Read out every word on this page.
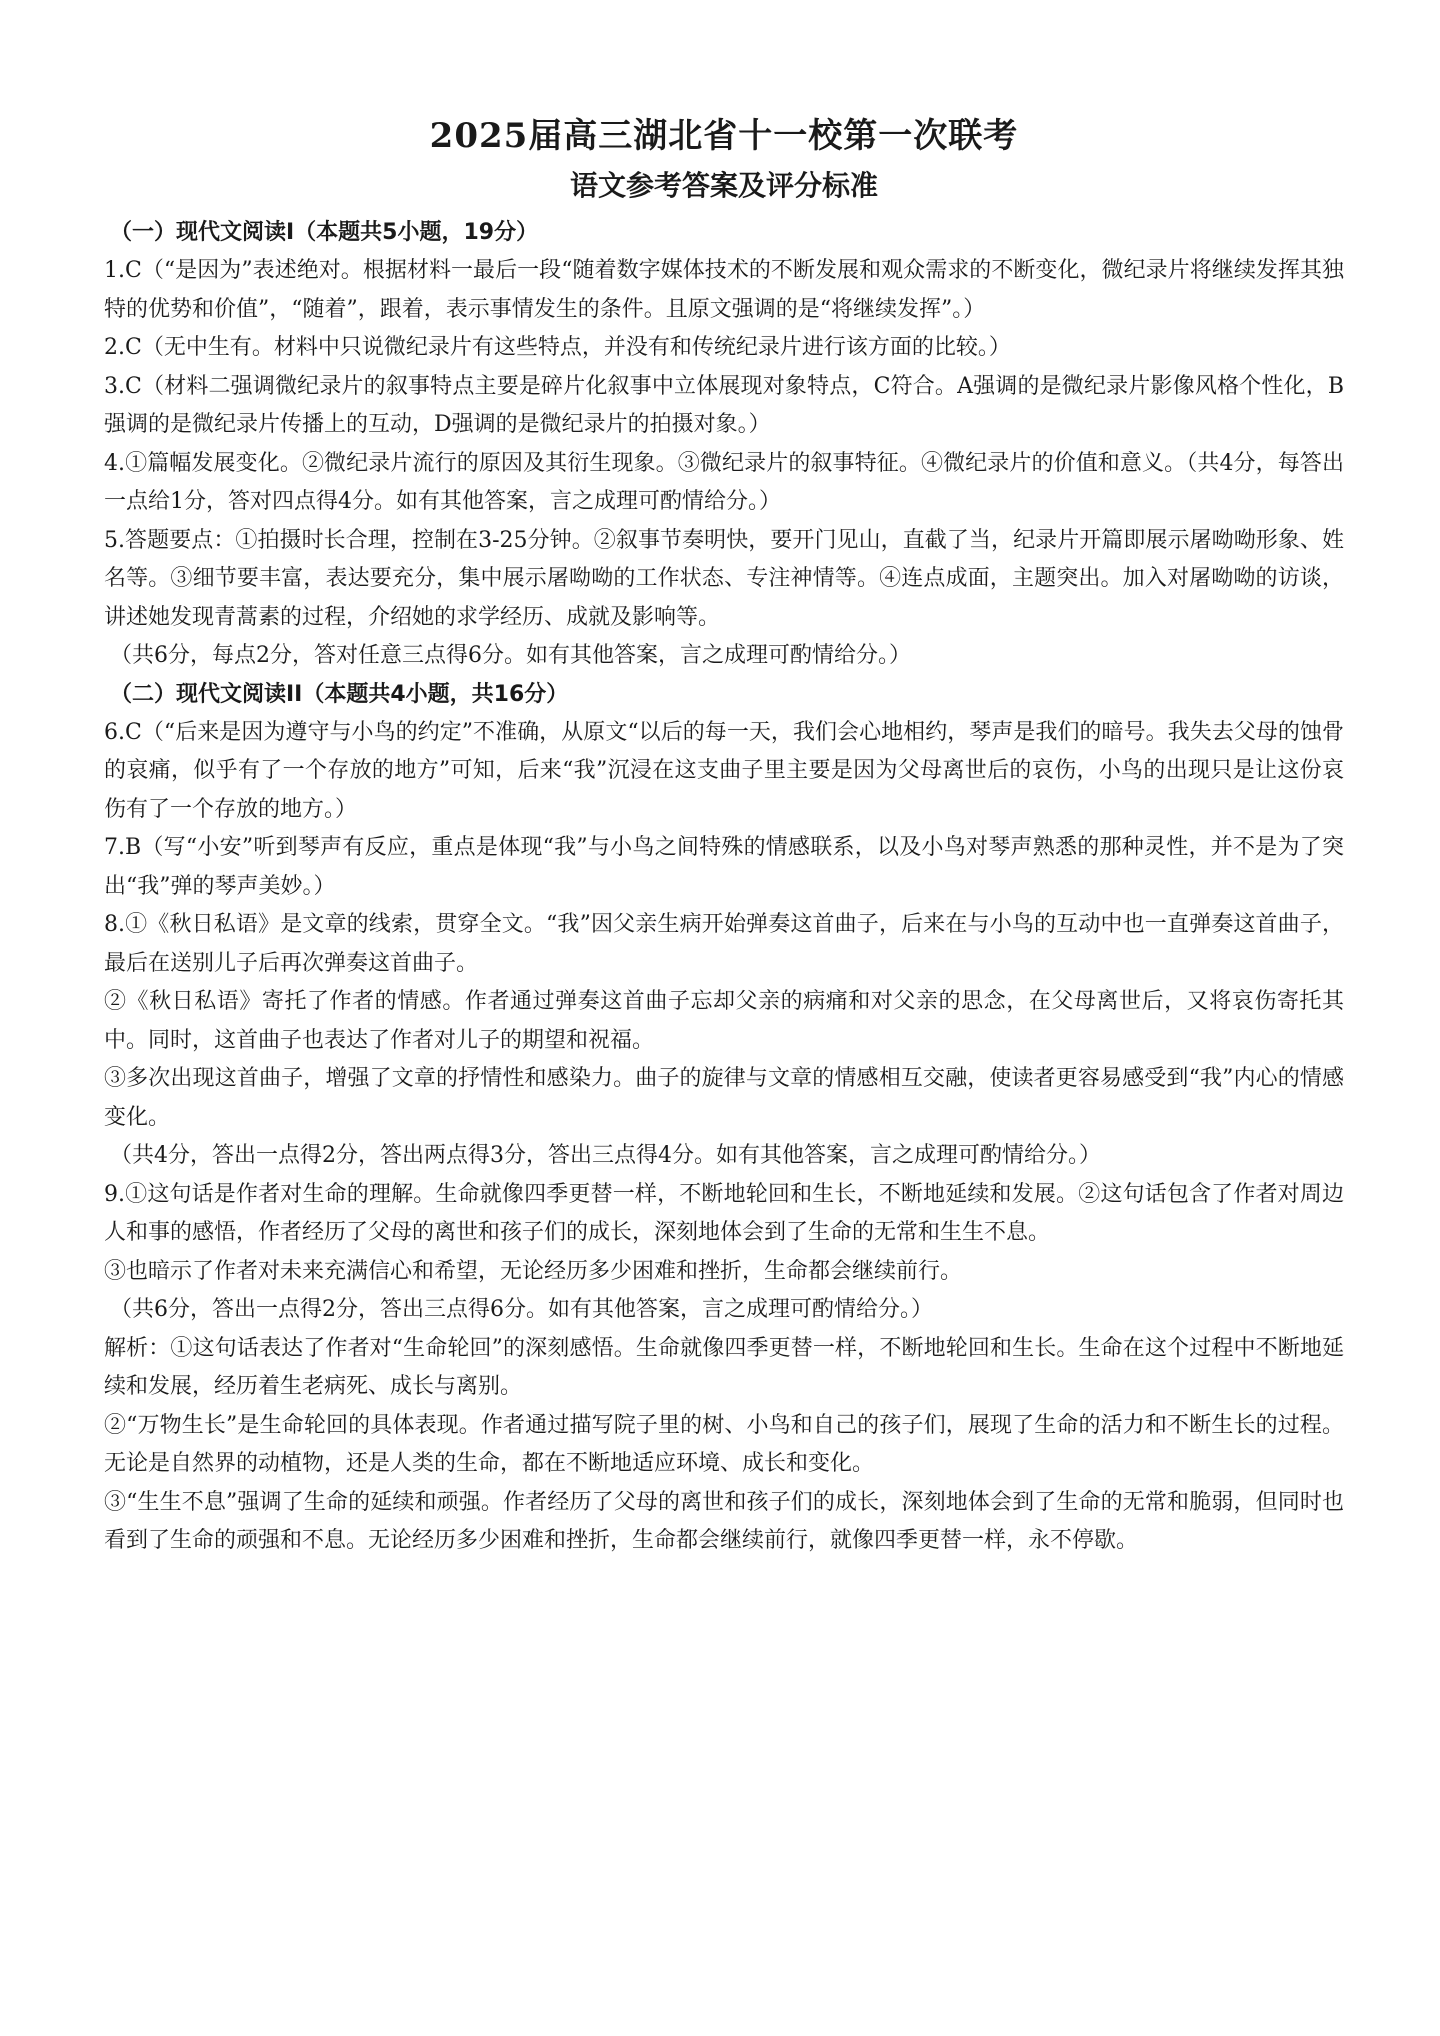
2025届高三湖北省十一校第一次联考
语文参考答案及评分标准

（一）现代文阅读Ⅰ（本题共5小题，19分）

1.C（“是因为”表述绝对。根据材料一最后一段“随着数字媒体技术的不断发展和观众需求的不断变化，微纪录片将继续发挥其独特的优势和价值”，“随着”，跟着，表示事情发生的条件。且原文强调的是“将继续发挥”。）

2.C（无中生有。材料中只说微纪录片有这些特点，并没有和传统纪录片进行该方面的比较。）

3.C（材料二强调微纪录片的叙事特点主要是碎片化叙事中立体展现对象特点，C符合。A强调的是微纪录片影像风格个性化，B强调的是微纪录片传播上的互动，D强调的是微纪录片的拍摄对象。）

4.①篇幅发展变化。②微纪录片流行的原因及其衍生现象。③微纪录片的叙事特征。④微纪录片的价值和意义。（共4分，每答出一点给1分，答对四点得4分。如有其他答案，言之成理可酌情给分。）

5.答题要点：①拍摄时长合理，控制在3-25分钟。②叙事节奏明快，要开门见山，直截了当，纪录片开篇即展示屠呦呦形象、姓名等。③细节要丰富，表达要充分，集中展示屠呦呦的工作状态、专注神情等。④连点成面，主题突出。加入对屠呦呦的访谈，讲述她发现青蒿素的过程，介绍她的求学经历、成就及影响等。

（共6分，每点2分，答对任意三点得6分。如有其他答案，言之成理可酌情给分。）

（二）现代文阅读II（本题共4小题，共16分）

6.C（“后来是因为遵守与小鸟的约定”不准确，从原文“以后的每一天，我们会心地相约，琴声是我们的暗号。我失去父母的蚀骨的哀痛，似乎有了一个存放的地方”可知，后来“我”沉浸在这支曲子里主要是因为父母离世后的哀伤，小鸟的出现只是让这份哀伤有了一个存放的地方。）

7.B（写“小安”听到琴声有反应，重点是体现“我”与小鸟之间特殊的情感联系，以及小鸟对琴声熟悉的那种灵性，并不是为了突出“我”弹的琴声美妙。）

8.①《秋日私语》是文章的线索，贯穿全文。“我”因父亲生病开始弹奏这首曲子，后来在与小鸟的互动中也一直弹奏这首曲子，最后在送别儿子后再次弹奏这首曲子。

②《秋日私语》寄托了作者的情感。作者通过弹奏这首曲子忘却父亲的病痛和对父亲的思念，在父母离世后，又将哀伤寄托其中。同时，这首曲子也表达了作者对儿子的期望和祝福。

③多次出现这首曲子，增强了文章的抒情性和感染力。曲子的旋律与文章的情感相互交融，使读者更容易感受到“我”内心的情感变化。

（共4分，答出一点得2分，答出两点得3分，答出三点得4分。如有其他答案，言之成理可酌情给分。）

9.①这句话是作者对生命的理解。生命就像四季更替一样，不断地轮回和生长，不断地延续和发展。②这句话包含了作者对周边人和事的感悟，作者经历了父母的离世和孩子们的成长，深刻地体会到了生命的无常和生生不息。

③也暗示了作者对未来充满信心和希望，无论经历多少困难和挫折，生命都会继续前行。

（共6分，答出一点得2分，答出三点得6分。如有其他答案，言之成理可酌情给分。）

解析：①这句话表达了作者对“生命轮回”的深刻感悟。生命就像四季更替一样，不断地轮回和生长。生命在这个过程中不断地延续和发展，经历着生老病死、成长与离别。

②“万物生长”是生命轮回的具体表现。作者通过描写院子里的树、小鸟和自己的孩子们，展现了生命的活力和不断生长的过程。无论是自然界的动植物，还是人类的生命，都在不断地适应环境、成长和变化。

③“生生不息”强调了生命的延续和顽强。作者经历了父母的离世和孩子们的成长，深刻地体会到了生命的无常和脆弱，但同时也看到了生命的顽强和不息。无论经历多少困难和挫折，生命都会继续前行，就像四季更替一样，永不停歇。
